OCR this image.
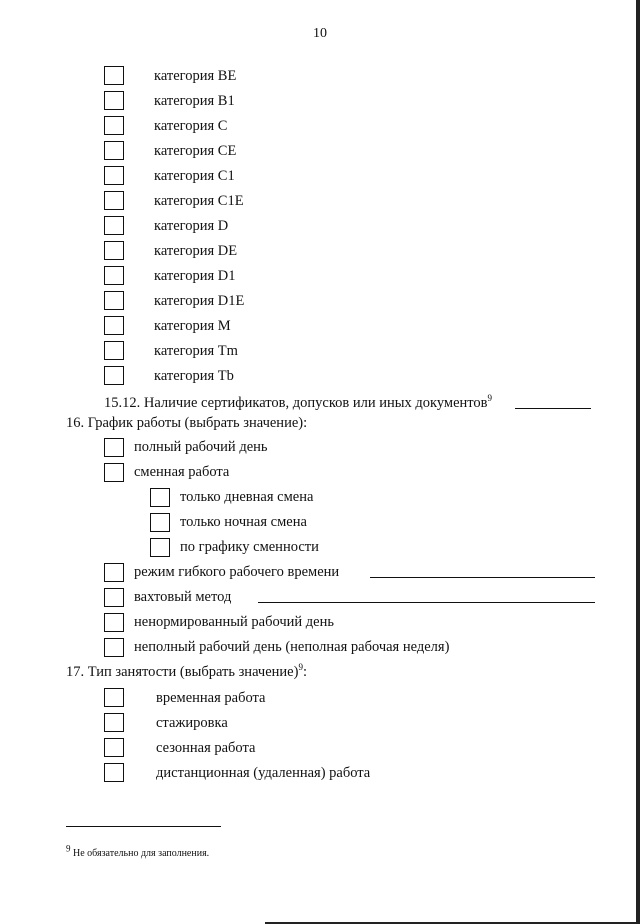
10
категория BE
категория B1
категория C
категория CE
категория C1
категория C1E
категория D
категория DE
категория D1
категория D1E
категория M
категория Tm
категория Tb
15.12. Наличие сертификатов, допусков или иных документов$^9$
16. График работы (выбрать значение):
полный рабочий день
сменная работа
только дневная смена
только ночная смена
по графику сменности
режим гибкого рабочего времени
вахтовый метод
ненормированный рабочий день
неполный рабочий день (неполная рабочая неделя)
17. Тип занятости (выбрать значение)$^9$:
временная работа
стажировка
сезонная работа
дистанционная (удаленная) работа
$^9$ Не обязательно для заполнения.
